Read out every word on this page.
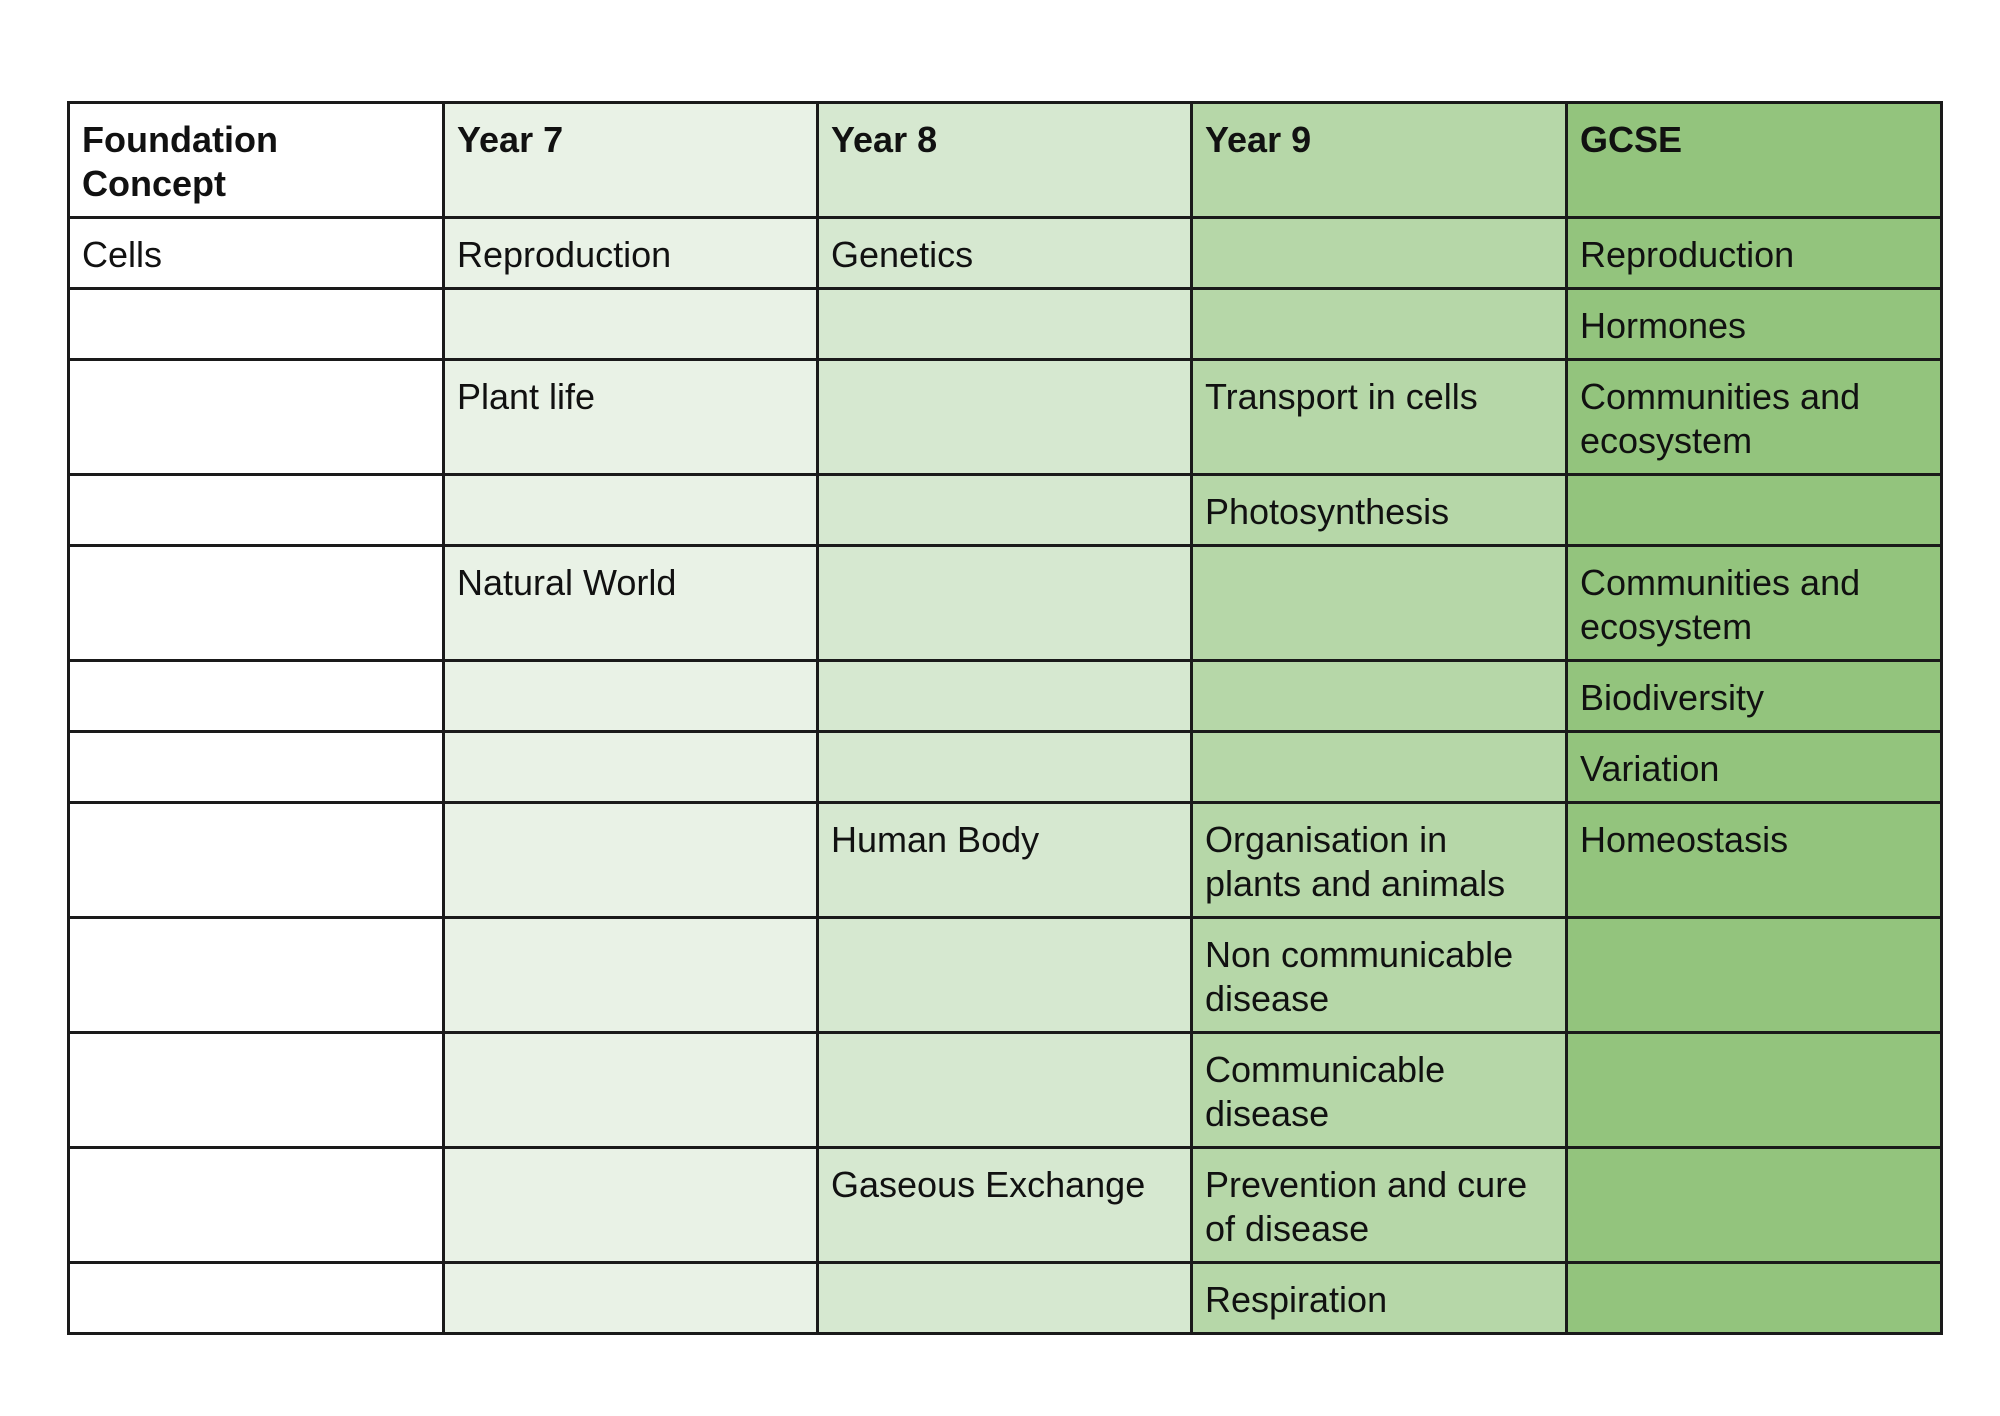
Foundation Concept	Year 7	Year 8	Year 9	GCSE
Cells	Reproduction	Genetics		Reproduction
				Hormones
	Plant life		Transport in cells	Communities and ecosystem
			Photosynthesis	
	Natural World			Communities and ecosystem
				Biodiversity
				Variation
		Human Body	Organisation in plants and animals	Homeostasis
			Non communicable disease	
			Communicable disease	
		Gaseous Exchange	Prevention and cure of disease	
			Respiration	
